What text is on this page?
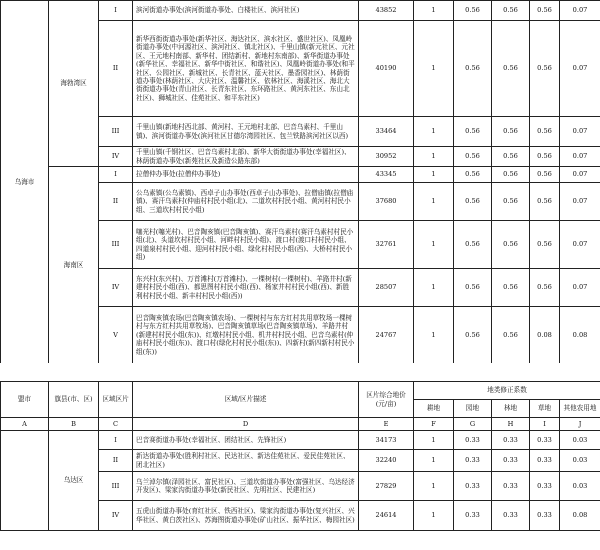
乌海市	海勃湾区	I	滨河街道办事处(滨河街道办事处、白楼社区、滨河社区)	43852	1	0.56	0.56	0.56	0.07
		II	新华西街街道办事处(新华社区、海达社区、滨水社区、盛世社区)、凤凰岭街道办事处(中河源社区、滨河社区、镇北社区)、千里山镇(新元社区、元社区、王元地村南部、新华村、团结新村、新地村东南部)、新华街道办事处(新华社区、幸福社区、新华中街社区、和谐社区)、凤凰岭街道办事处(和平社区、公园社区、新城社区、长青社区、蓝天社区、墨香园社区)、林荫街道办事处(林荫社区、大庆社区、温馨社区、依林社区、海溪社区、海北大街街道办事处(青山社区、长青东社区、东环路社区、黄河东社区、东山北社区)、狮城社区、佳苑社区、和平东社区)	40190	1	0.56	0.56	0.56	0.07
		III	千里山镇(新地村西北部、黄河村、王元地村北部、巴音乌素村、千里山镇)、滨河街道办事处(滨河社区甘德尔湾园社区、包兰铁路滨河社区以西)	33464	1	0.56	0.56	0.56	0.07
		IV	千里山镇(千钢社区、巴音乌素村北部)、新华大街街道办事处(幸福社区)、林荫街道办事处(新苑社区及新造公路东部)	30952	1	0.56	0.56	0.56	0.07
	海南区	I	拉僧仲办事处(拉僧仲办事处)	43345	1	0.56	0.56	0.56	0.07
		II	公乌素镇(公乌素镇)、西卓子山办事处(西卓子山办事处)、拉僧庙镇(拉僧庙镇)、赛汗乌素村(仲庙村村民小组(北)、二道坎村村民小组、黄河村村民小组、三道坎村村民小组)	37680	1	0.56	0.56	0.56	0.07
		III	噻光村(噻光村)、巴音陶亥镇(巴音陶亥镇)、赛汗乌素村(赛汗乌素村村民小组(北)、头道坎村村民小组、河畔村村民小组)、渡口村(渡口村村民小组、四道泉村村民小组、迎河村村民小组、绿化村村民小组(西)、大桥村村民小组)	32761	1	0.56	0.56	0.56	0.07
		IV	东兴村(东兴村)、万首滩村(万首滩村)、一棵树村(一棵树村)、羊路井村(新建村村民小组(西)、都思图村村民小组(西)、杨家井村村民小组(西)、新胜利村村民小组、新丰村村民小组(西))	28507	1	0.56	0.56	0.56	0.07
		V	巴音陶亥镇农场(巴音陶亥镇农场)、一棵树村与东方红村共用草牧场一棵树村与东方红村共用草牧场)、巴音陶亥镇草场(巴音陶亥镇草场)、羊路井村(新建村村民小组(东))、红墩村村民小组、机井村村民小组、巴音乌素村(仲庙村村民小组(东))、渡口村(绿化村村民小组(东))、四新村(新四新村村民小组(东))	24767	1	0.56	0.56	0.08	0.08
盟市	旗县(市、区)	区域区片	区域/区片描述	区片综合地价(元/亩)	地类修正系数				
					耕地	园地	林地	草地	其他农用地
A	B	C	D	E	F	G	H	I	J
	乌达区	I	巴音赛街道办事处(幸福社区、团结社区、先锋社区)	34173	1	0.33	0.33	0.33	0.03
		II	新达街道办事处(胜利村社区、民达社区、新达佳苑社区、爱民佳苑社区、团北社区)	32240	1	0.33	0.33	0.33	0.03
		III	乌兰淖尔镇(泽园社区、富民社区)、三道坎街道办事处(富强社区、乌达经济开发区)、梁家沟街道办事处(新民社区、先明社区、民建社区)	27829	1	0.33	0.33	0.33	0.03
		IV	五虎山街道办事处(育红社区、铁西社区)、梁家沟街道办事处(复兴社区、兴华社区、黄白茨社区)、苏海图街道办事处(矿山社区、振华社区、梅园社区)	24614	1	0.33	0.33	0.33	0.08
